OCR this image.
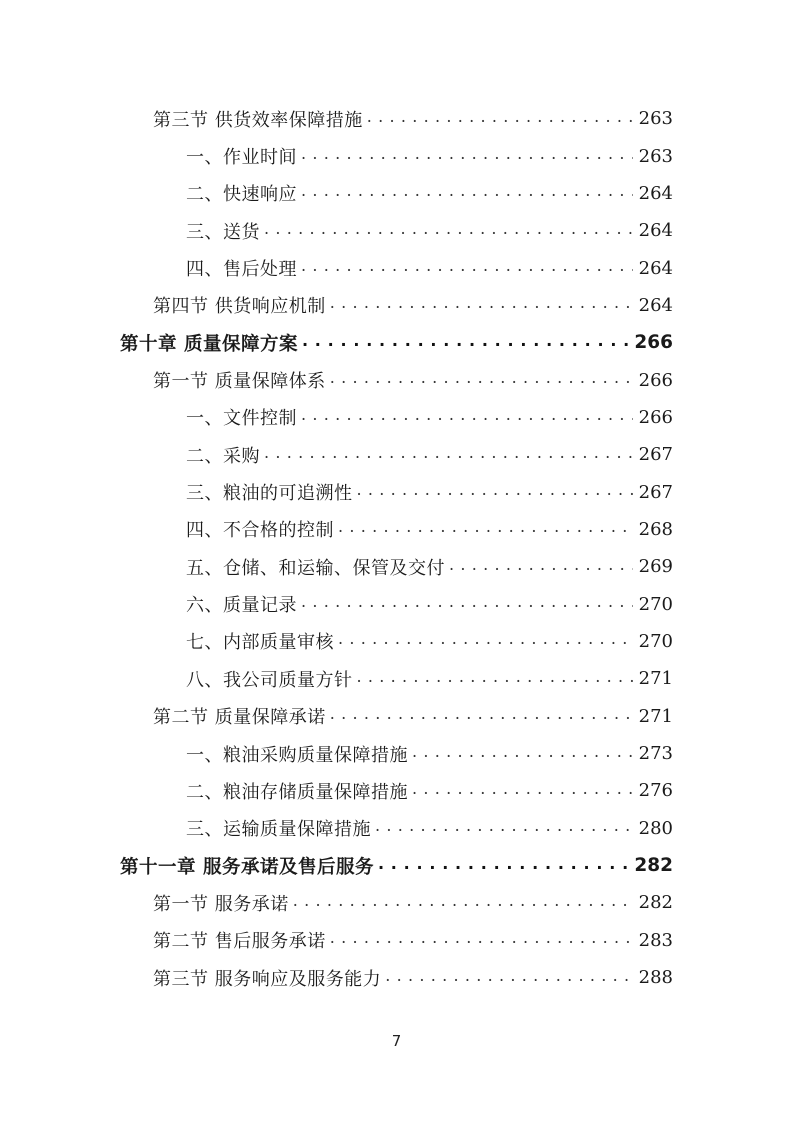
第三节 供货效率保障措施 . . .	263
一、作业时间 . . .	263
二、快速响应 . . .	264
三、送货 . . .	264
四、售后处理 . . .	264
第四节 供货响应机制 . . .	264
第十章 质量保障方案 . . .	266
第一节 质量保障体系 . . .	266
一、文件控制 . . .	266
二、采购 . . .	267
三、粮油的可追溯性 . . .	267
四、不合格的控制 . . .	268
五、仓储、和运输、保管及交付 . . .	269
六、质量记录 . . .	270
七、内部质量审核 . . .	270
八、我公司质量方针 . . .	271
第二节 质量保障承诺 . . .	271
一、粮油采购质量保障措施 . . .	273
二、粮油存储质量保障措施 . . .	276
三、运输质量保障措施 . . .	280
第十一章 服务承诺及售后服务 . . .	282
第一节 服务承诺 . . .	282
第二节 售后服务承诺 . . .	283
第三节 服务响应及服务能力 . . .	288
7
